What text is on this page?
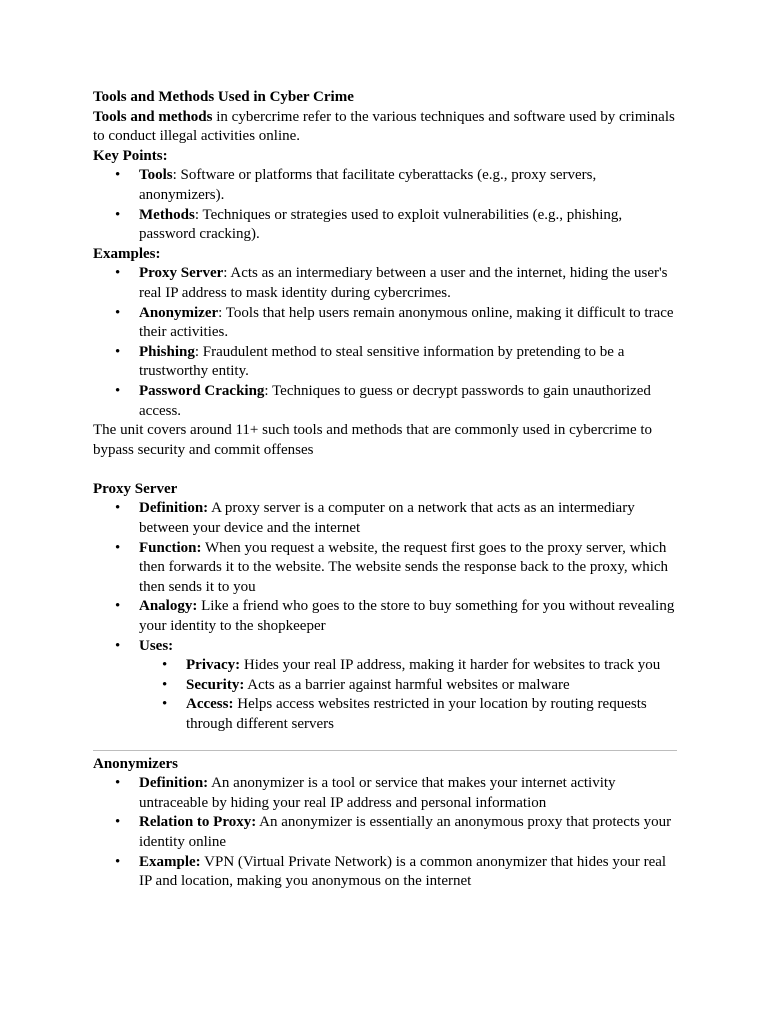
Tools and Methods Used in Cyber Crime

Tools and methods in cybercrime refer to the various techniques and software used by criminals to conduct illegal activities online.

Key Points:

• Tools: Software or platforms that facilitate cyberattacks (e.g., proxy servers, anonymizers).
• Methods: Techniques or strategies used to exploit vulnerabilities (e.g., phishing, password cracking).

Examples:

• Proxy Server: Acts as an intermediary between a user and the internet, hiding the user's real IP address to mask identity during cybercrimes.
• Anonymizer: Tools that help users remain anonymous online, making it difficult to trace their activities.
• Phishing: Fraudulent method to steal sensitive information by pretending to be a trustworthy entity.
• Password Cracking: Techniques to guess or decrypt passwords to gain unauthorized access.

The unit covers around 11+ such tools and methods that are commonly used in cybercrime to bypass security and commit offenses

Proxy Server

• Definition: A proxy server is a computer on a network that acts as an intermediary between your device and the internet
• Function: When you request a website, the request first goes to the proxy server, which then forwards it to the website. The website sends the response back to the proxy, which then sends it to you
• Analogy: Like a friend who goes to the store to buy something for you without revealing your identity to the shopkeeper
• Uses:
• Privacy: Hides your real IP address, making it harder for websites to track you
• Security: Acts as a barrier against harmful websites or malware
• Access: Helps access websites restricted in your location by routing requests through different servers

Anonymizers

• Definition: An anonymizer is a tool or service that makes your internet activity untraceable by hiding your real IP address and personal information
• Relation to Proxy: An anonymizer is essentially an anonymous proxy that protects your identity online
• Example: VPN (Virtual Private Network) is a common anonymizer that hides your real IP and location, making you anonymous on the internet
